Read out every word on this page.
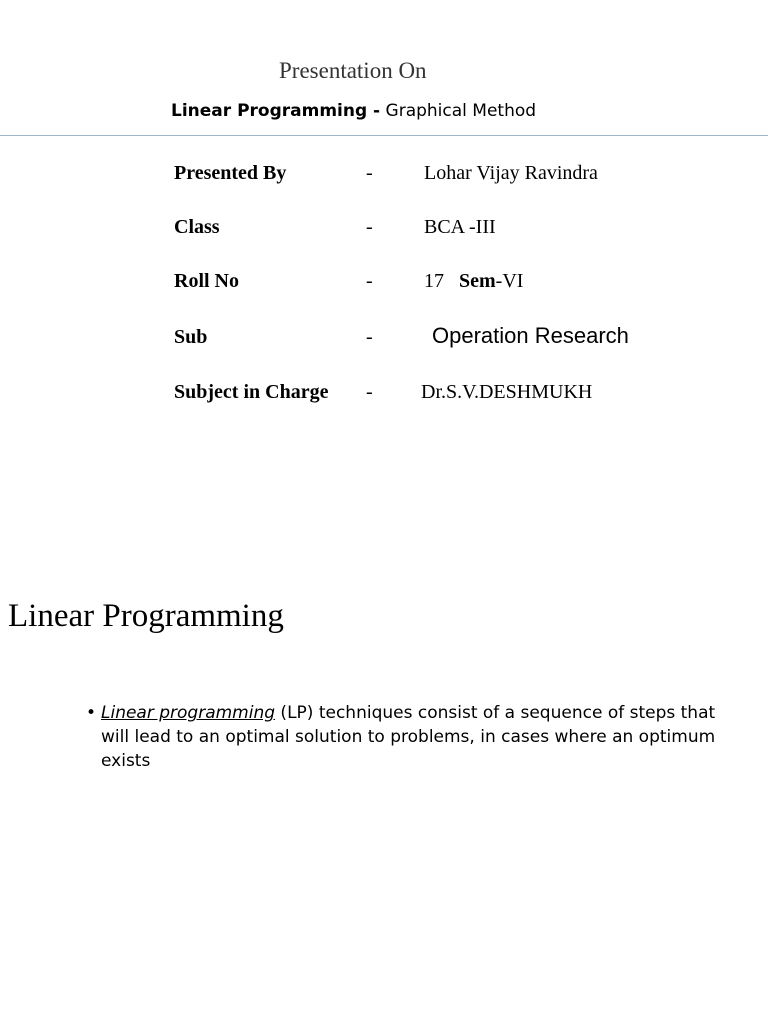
Presentation On
Linear Programming - Graphical Method
Presented By	-	Lohar Vijay Ravindra
Class	-	BCA -III
Roll No	-	17 Sem-VI
Sub	-	Operation Research
Subject in Charge - Dr.S.V.DESHMUKH
Linear Programming
• Linear programming (LP) techniques consist of a sequence of steps that will lead to an optimal solution to problems, in cases where an optimum exists
